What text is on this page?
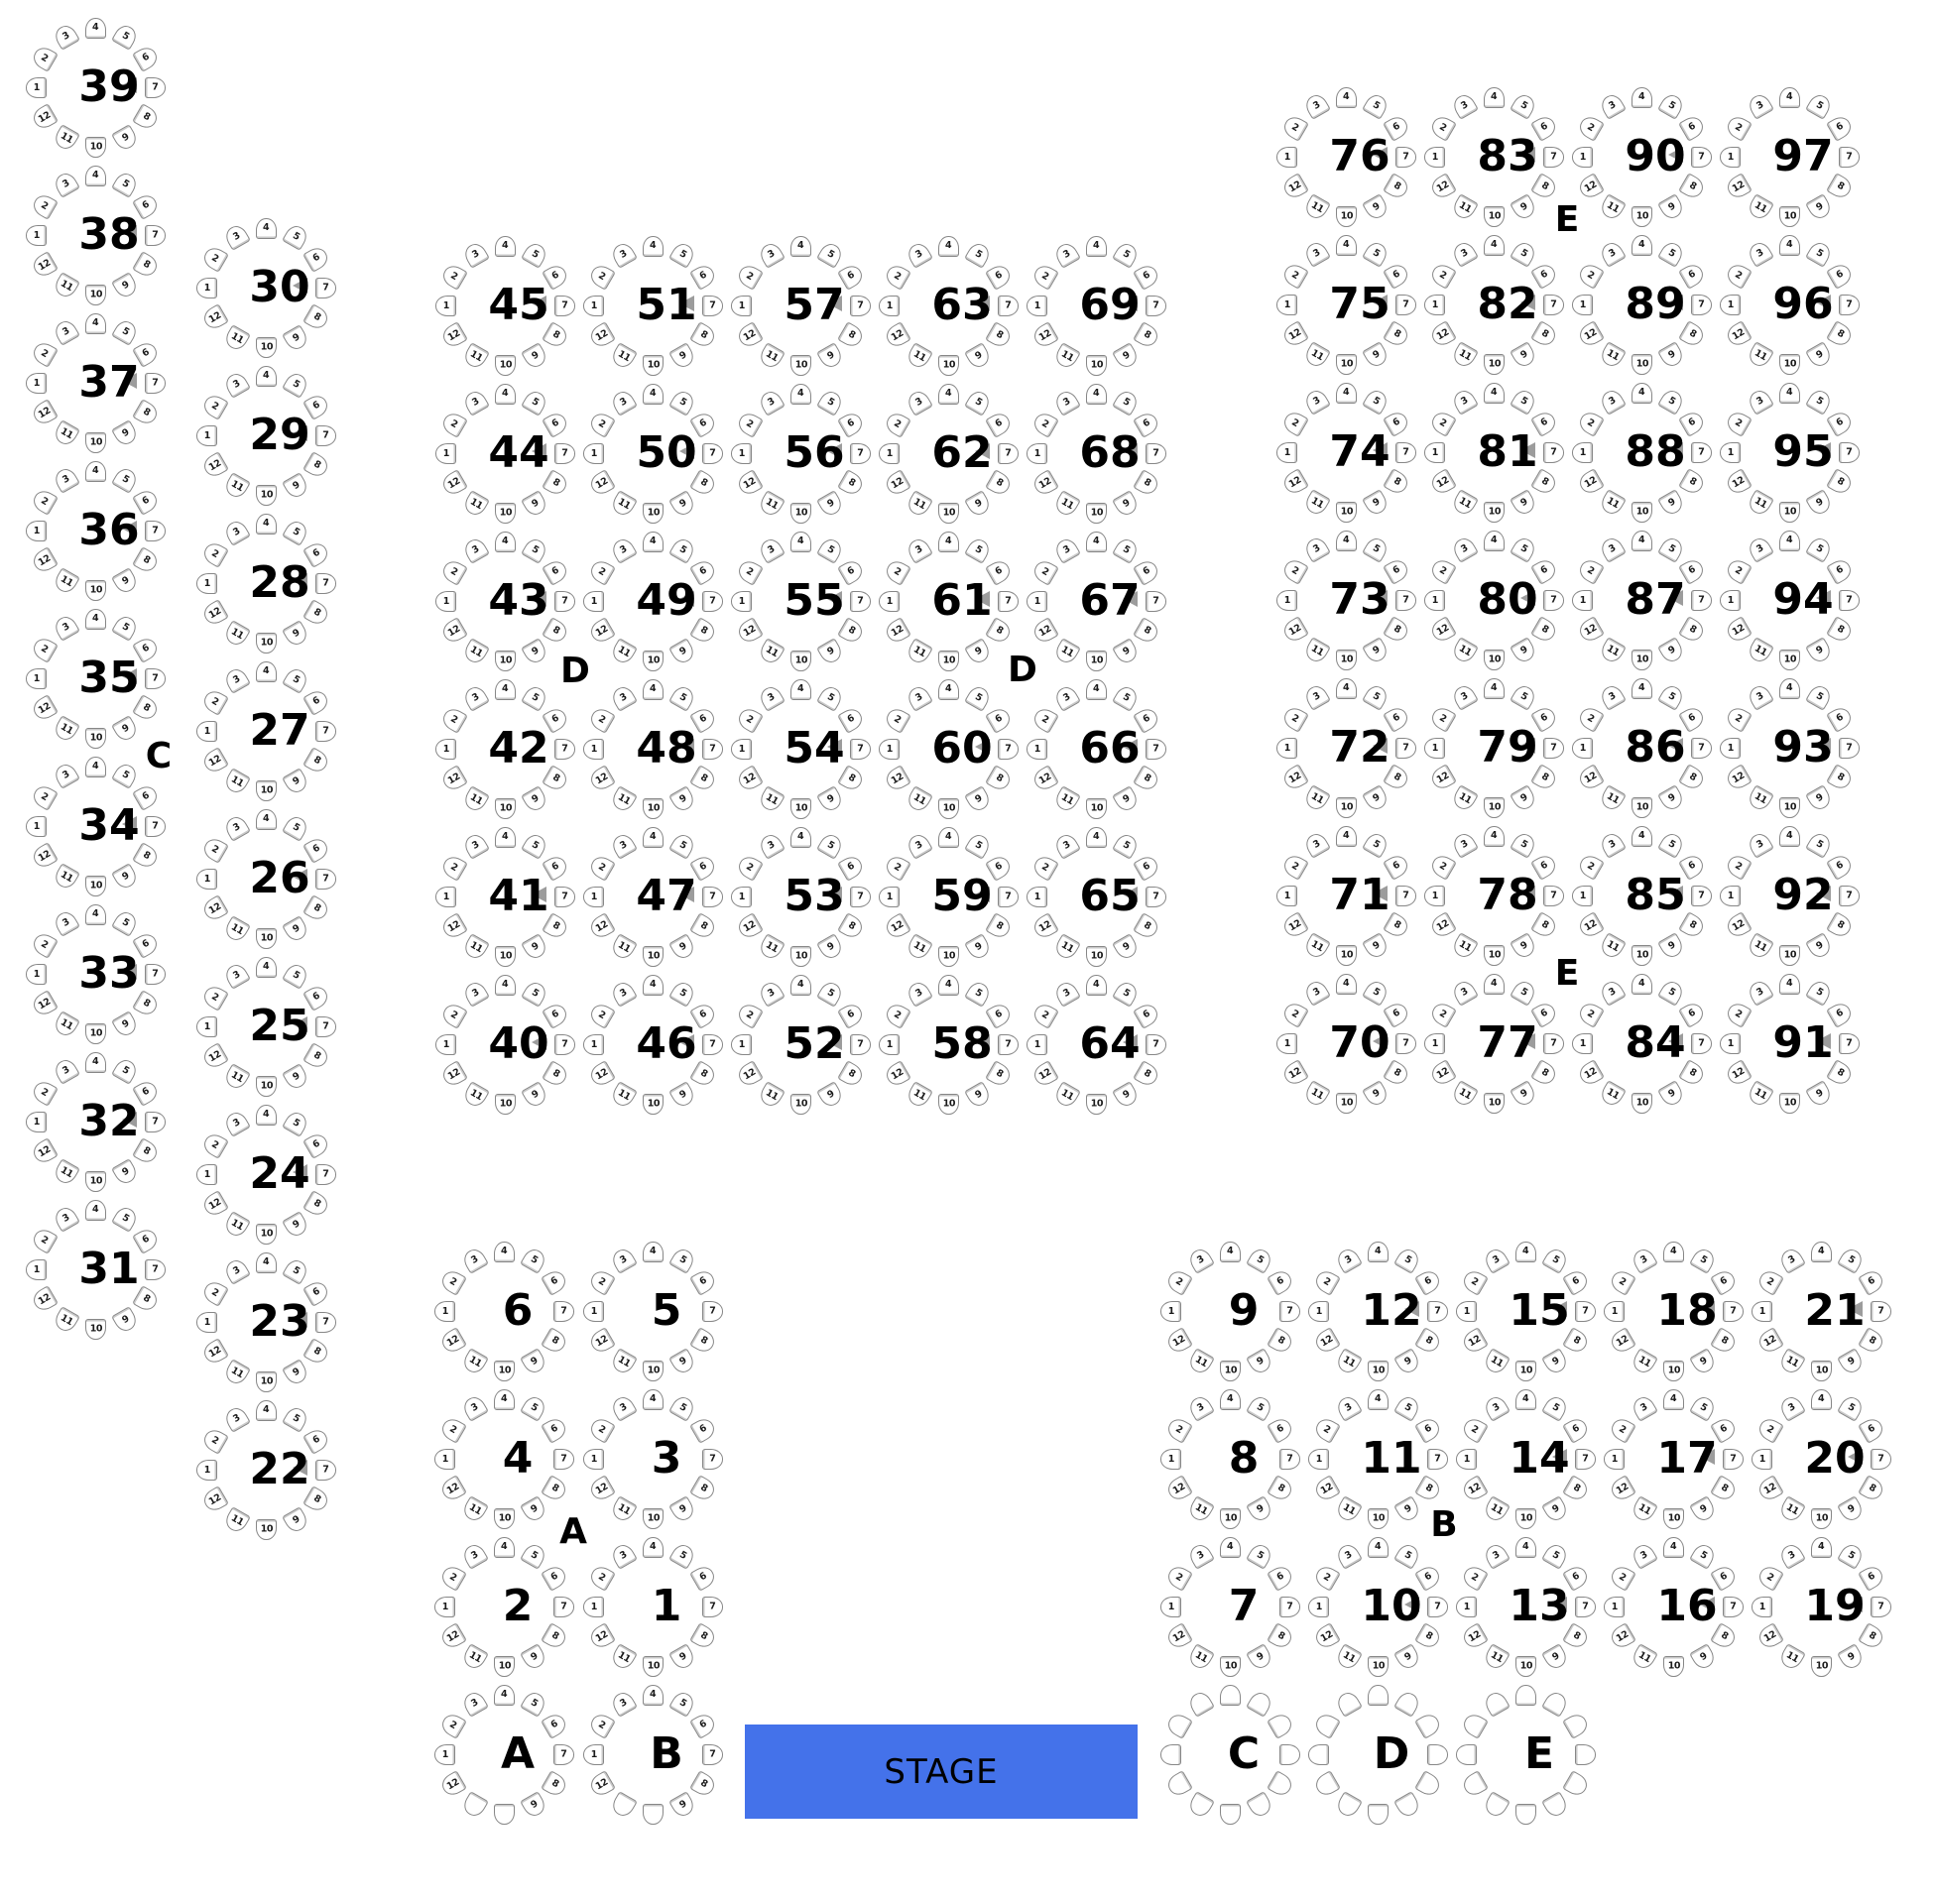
STAGE
1
2
3
4
5
6
7
8
9
10
11
12
39
1
2
3
4
5
6
7
8
9
10
11
12
38
1
2
3
4
5
6
7
8
9
10
11
12
37
1
2
3
4
5
6
7
8
9
10
11
12
36
1
2
3
4
5
6
7
8
9
10
11
12
35
1
2
3
4
5
6
7
8
9
10
11
12
34
1
2
3
4
5
6
7
8
9
10
11
12
33
1
2
3
4
5
6
7
8
9
10
11
12
32
1
2
3
4
5
6
7
8
9
10
11
12
31
1
2
3
4
5
6
7
8
9
10
11
12
30
1
2
3
4
5
6
7
8
9
10
11
12
29
1
2
3
4
5
6
7
8
9
10
11
12
28
1
2
3
4
5
6
7
8
9
10
11
12
27
1
2
3
4
5
6
7
8
9
10
11
12
26
1
2
3
4
5
6
7
8
9
10
11
12
25
1
2
3
4
5
6
7
8
9
10
11
12
24
1
2
3
4
5
6
7
8
9
10
11
12
23
1
2
3
4
5
6
7
8
9
10
11
12
22
1
2
3
4
5
6
7
8
9
10
11
12
45
1
2
3
4
5
6
7
8
9
10
11
12
44
1
2
3
4
5
6
7
8
9
10
11
12
43
1
2
3
4
5
6
7
8
9
10
11
12
42
1
2
3
4
5
6
7
8
9
10
11
12
41
1
2
3
4
5
6
7
8
9
10
11
12
40
1
2
3
4
5
6
7
8
9
10
11
12
51
1
2
3
4
5
6
7
8
9
10
11
12
50
1
2
3
4
5
6
7
8
9
10
11
12
49
1
2
3
4
5
6
7
8
9
10
11
12
48
1
2
3
4
5
6
7
8
9
10
11
12
47
1
2
3
4
5
6
7
8
9
10
11
12
46
1
2
3
4
5
6
7
8
9
10
11
12
57
1
2
3
4
5
6
7
8
9
10
11
12
56
1
2
3
4
5
6
7
8
9
10
11
12
55
1
2
3
4
5
6
7
8
9
10
11
12
54
1
2
3
4
5
6
7
8
9
10
11
12
53
1
2
3
4
5
6
7
8
9
10
11
12
52
1
2
3
4
5
6
7
8
9
10
11
12
63
1
2
3
4
5
6
7
8
9
10
11
12
62
1
2
3
4
5
6
7
8
9
10
11
12
61
1
2
3
4
5
6
7
8
9
10
11
12
60
1
2
3
4
5
6
7
8
9
10
11
12
59
1
2
3
4
5
6
7
8
9
10
11
12
58
1
2
3
4
5
6
7
8
9
10
11
12
69
1
2
3
4
5
6
7
8
9
10
11
12
68
1
2
3
4
5
6
7
8
9
10
11
12
67
1
2
3
4
5
6
7
8
9
10
11
12
66
1
2
3
4
5
6
7
8
9
10
11
12
65
1
2
3
4
5
6
7
8
9
10
11
12
64
1
2
3
4
5
6
7
8
9
10
11
12
76
1
2
3
4
5
6
7
8
9
10
11
12
75
1
2
3
4
5
6
7
8
9
10
11
12
74
1
2
3
4
5
6
7
8
9
10
11
12
73
1
2
3
4
5
6
7
8
9
10
11
12
72
1
2
3
4
5
6
7
8
9
10
11
12
71
1
2
3
4
5
6
7
8
9
10
11
12
70
1
2
3
4
5
6
7
8
9
10
11
12
83
1
2
3
4
5
6
7
8
9
10
11
12
82
1
2
3
4
5
6
7
8
9
10
11
12
81
1
2
3
4
5
6
7
8
9
10
11
12
80
1
2
3
4
5
6
7
8
9
10
11
12
79
1
2
3
4
5
6
7
8
9
10
11
12
78
1
2
3
4
5
6
7
8
9
10
11
12
77
1
2
3
4
5
6
7
8
9
10
11
12
90
1
2
3
4
5
6
7
8
9
10
11
12
89
1
2
3
4
5
6
7
8
9
10
11
12
88
1
2
3
4
5
6
7
8
9
10
11
12
87
1
2
3
4
5
6
7
8
9
10
11
12
86
1
2
3
4
5
6
7
8
9
10
11
12
85
1
2
3
4
5
6
7
8
9
10
11
12
84
1
2
3
4
5
6
7
8
9
10
11
12
97
1
2
3
4
5
6
7
8
9
10
11
12
96
1
2
3
4
5
6
7
8
9
10
11
12
95
1
2
3
4
5
6
7
8
9
10
11
12
94
1
2
3
4
5
6
7
8
9
10
11
12
93
1
2
3
4
5
6
7
8
9
10
11
12
92
1
2
3
4
5
6
7
8
9
10
11
12
91
1
2
3
4
5
6
7
8
9
10
11
12
6	1
2
3
4
5
6
7
8
9
10
11
12
5
1
2
3
4
5
6
7
8
9
10
11
12
4	1
2
3
4
5
6
7
8
9
10
11
12
3
1
2
3
4
5
6
7
8
9
10
11
12
2	1
2
3
4
5
6
7
8
9
10
11
12
1
1
2
3
4
5
6
7
8
9
12
A	1
2
3
4
5
6
7
8
9
12
B
1
2
3
4
5
6
7
8
9
10
11
12
9	1
2
3
4
5
6
7
8
9
10
11
12
12	1
2
3
4
5
6
7
8
9
10
11
12
15	1
2
3
4
5
6
7
8
9
10
11
12
18	1
2
3
4
5
6
7
8
9
10
11
12
21
1
2
3
4
5
6
7
8
9
10
11
12
8	1
2
3
4
5
6
7
8
9
10
11
12
11	1
2
3
4
5
6
7
8
9
10
11
12
14	1
2
3
4
5
6
7
8
9
10
11
12
17	1
2
3
4
5
6
7
8
9
10
11
12
20
1
2
3
4
5
6
7
8
9
10
11
12
7	1
2
3
4
5
6
7
8
9
10
11
12
10	1
2
3
4
5
6
7
8
9
10
11
12
13	1
2
3
4
5
6
7
8
9
10
11
12
16	1
2
3
4
5
6
7
8
9
10
11
12
19
C	D	E
A	B
C
D	D
E
E
